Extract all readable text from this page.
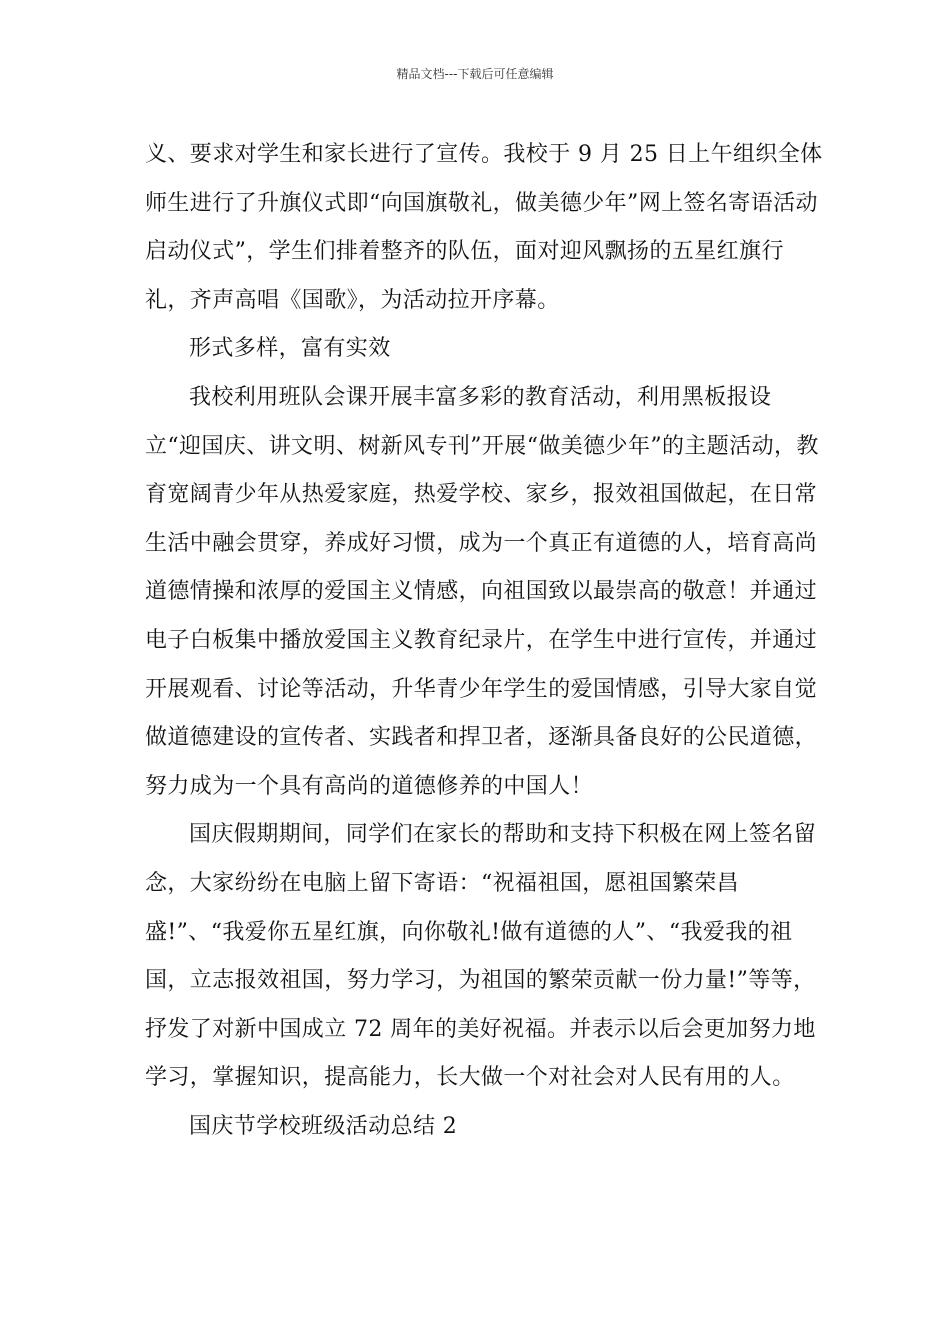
精品文档---下载后可任意编辑

义、要求对学生和家长进行了宣传。我校于 9 月 25 日上午组织全体师生进行了升旗仪式即“向国旗敬礼，做美德少年”网上签名寄语活动启动仪式”，学生们排着整齐的队伍，面对迎风飘扬的五星红旗行礼，齐声高唱《国歌》，为活动拉开序幕。

形式多样，富有实效

我校利用班队会课开展丰富多彩的教育活动，利用黑板报设立“迎国庆、讲文明、树新风专刊”开展“做美德少年”的主题活动，教育宽阔青少年从热爱家庭，热爱学校、家乡，报效祖国做起，在日常生活中融会贯穿，养成好习惯，成为一个真正有道德的人，培育高尚道德情操和浓厚的爱国主义情感，向祖国致以最崇高的敬意！并通过电子白板集中播放爱国主义教育纪录片，在学生中进行宣传，并通过开展观看、讨论等活动，升华青少年学生的爱国情感，引导大家自觉做道德建设的宣传者、实践者和捍卫者，逐渐具备良好的公民道德，努力成为一个具有高尚的道德修养的中国人！

国庆假期期间，同学们在家长的帮助和支持下积极在网上签名留念，大家纷纷在电脑上留下寄语：“祝福祖国，愿祖国繁荣昌盛!”、“我爱你五星红旗，向你敬礼!做有道德的人”、“我爱我的祖国，立志报效祖国，努力学习，为祖国的繁荣贡献一份力量!”等等，抒发了对新中国成立 72 周年的美好祝福。并表示以后会更加努力地学习，掌握知识，提高能力，长大做一个对社会对人民有用的人。

国庆节学校班级活动总结 2
